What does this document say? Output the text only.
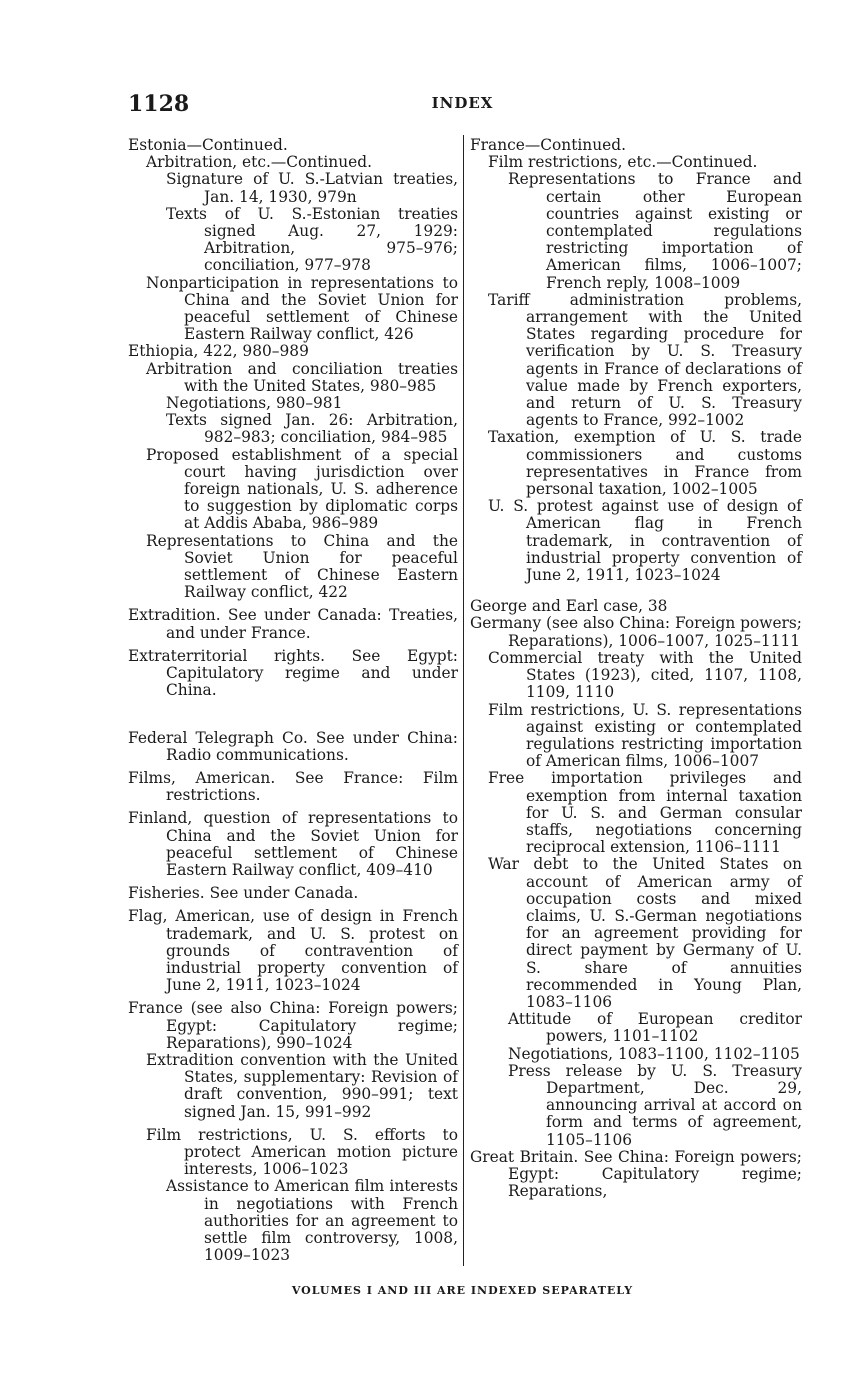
1128	INDEX

Estonia—Continued.

Arbitration, etc.—Continued.

Signature of U. S.-Latvian treaties, Jan. 14, 1930, 979n

Texts of U. S.-Estonian treaties signed Aug. 27, 1929: Arbitration, 975–976; conciliation, 977–978

Nonparticipation in representations to China and the Soviet Union for peaceful settlement of Chinese Eastern Railway conflict, 426

Ethiopia, 422, 980–989

Arbitration and conciliation treaties with the United States, 980–985

Negotiations, 980–981

Texts signed Jan. 26: Arbitration, 982–983; conciliation, 984–985

Proposed establishment of a special court having jurisdiction over foreign nationals, U. S. adherence to suggestion by diplomatic corps at Addis Ababa, 986–989

Representations to China and the Soviet Union for peaceful settlement of Chinese Eastern Railway conflict, 422

Extradition. See under Canada: Treaties, and under France.

Extraterritorial rights. See Egypt: Capitulatory regime and under China.

Federal Telegraph Co. See under China: Radio communications.

Films, American. See France: Film restrictions.

Finland, question of representations to China and the Soviet Union for peaceful settlement of Chinese Eastern Railway conflict, 409–410

Fisheries. See under Canada.

Flag, American, use of design in French trademark, and U. S. protest on grounds of contravention of industrial property convention of June 2, 1911, 1023–1024

France (see also China: Foreign powers; Egypt: Capitulatory regime; Reparations), 990–1024

Extradition convention with the United States, supplementary: Revision of draft convention, 990–991; text signed Jan. 15, 991–992

Film restrictions, U. S. efforts to protect American motion picture interests, 1006–1023

Assistance to American film interests in negotiations with French authorities for an agreement to settle film controversy, 1008, 1009–1023

France—Continued.

Film restrictions, etc.—Continued.

Representations to France and certain other European countries against existing or contemplated regulations restricting importation of American films, 1006–1007; French reply, 1008–1009

Tariff administration problems, arrangement with the United States regarding procedure for verification by U. S. Treasury agents in France of declarations of value made by French exporters, and return of U. S. Treasury agents to France, 992–1002

Taxation, exemption of U. S. trade commissioners and customs representatives in France from personal taxation, 1002–1005

U. S. protest against use of design of American flag in French trademark, in contravention of industrial property convention of June 2, 1911, 1023–1024

George and Earl case, 38

Germany (see also China: Foreign powers; Reparations), 1006–1007, 1025–1111

Commercial treaty with the United States (1923), cited, 1107, 1108, 1109, 1110

Film restrictions, U. S. representations against existing or contemplated regulations restricting importation of American films, 1006–1007

Free importation privileges and exemption from internal taxation for U. S. and German consular staffs, negotiations concerning reciprocal extension, 1106–1111

War debt to the United States on account of American army of occupation costs and mixed claims, U. S.-German negotiations for an agreement providing for direct payment by Germany of U. S. share of annuities recommended in Young Plan, 1083–1106

Attitude of European creditor powers, 1101–1102

Negotiations, 1083–1100, 1102–1105

Press release by U. S. Treasury Department, Dec. 29, announcing arrival at accord on form and terms of agreement, 1105–1106

Great Britain. See China: Foreign powers; Egypt: Capitulatory regime; Reparations,

VOLUMES I AND III ARE INDEXED SEPARATELY
